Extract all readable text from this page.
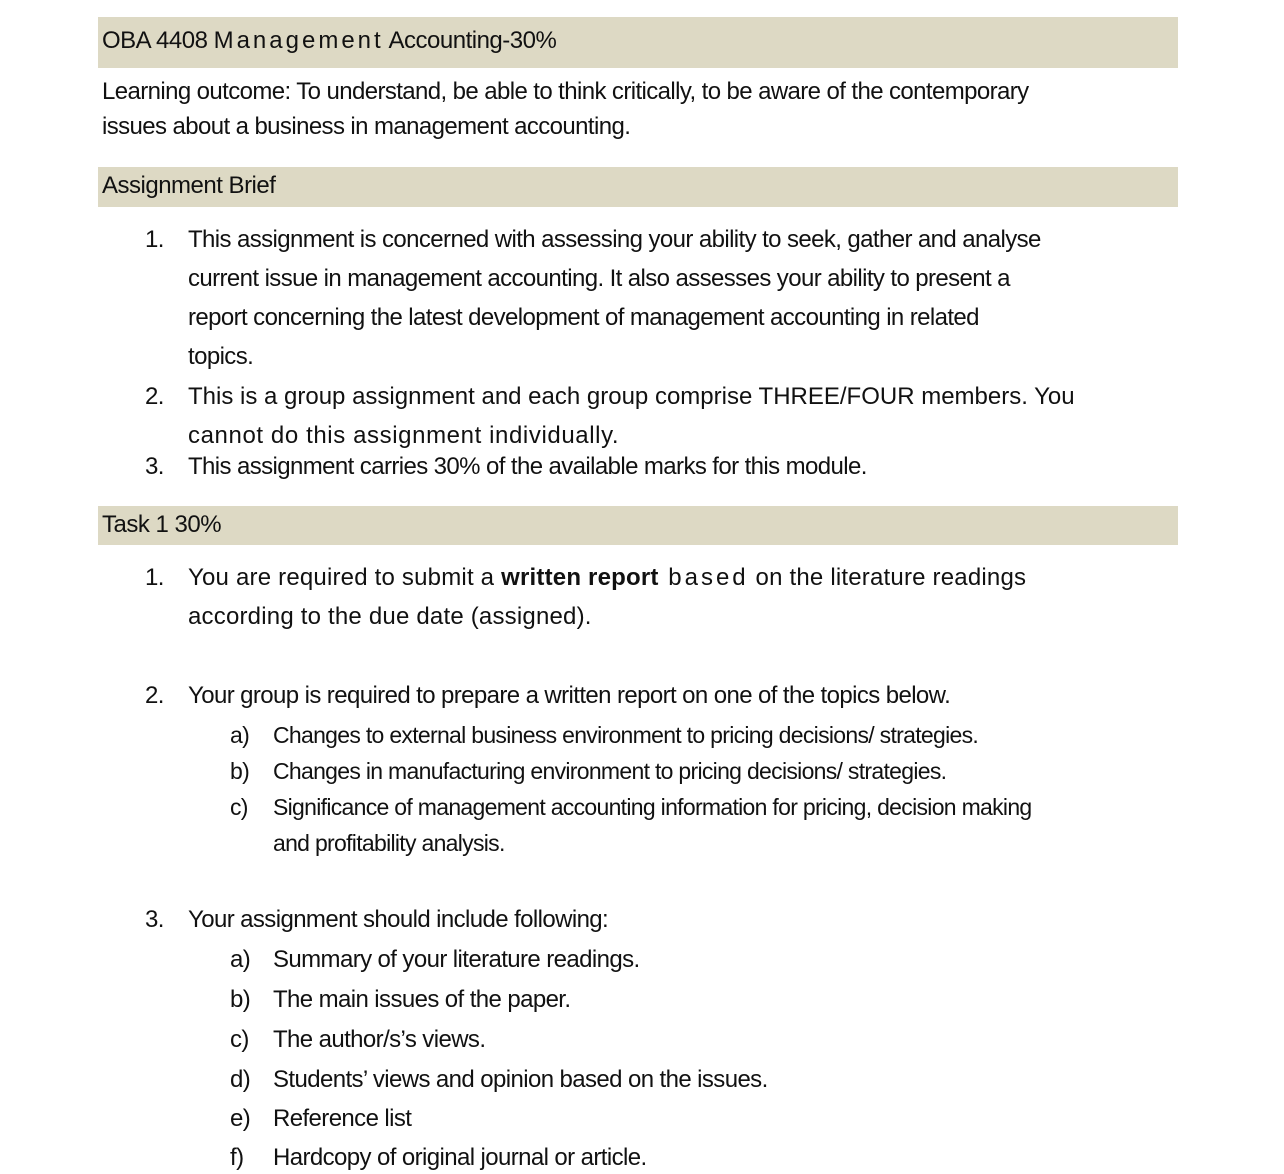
OBA 4408 Management Accounting-30%
Learning outcome: To understand, be able to think critically, to be aware of the contemporary
issues about a business in management accounting.
Assignment Brief
1. This assignment is concerned with assessing your ability to seek, gather and analyse
current issue in management accounting. It also assesses your ability to present a
report concerning the latest development of management accounting in related
topics.
2. This is a group assignment and each group comprise THREE/FOUR members. You
cannot do this assignment individually.
3. This assignment carries 30% of the available marks for this module.
Task 1 30%
1. You are required to submit a written report based on the literature readings
according to the due date (assigned).
2. Your group is required to prepare a written report on one of the topics below.
a) Changes to external business environment to pricing decisions/ strategies.
b) Changes in manufacturing environment to pricing decisions/ strategies.
c) Significance of management accounting information for pricing, decision making
and profitability analysis.
3. Your assignment should include following:
a) Summary of your literature readings.
b) The main issues of the paper.
c) The author/s’s views.
d) Students’ views and opinion based on the issues.
e) Reference list
f) Hardcopy of original journal or article.
